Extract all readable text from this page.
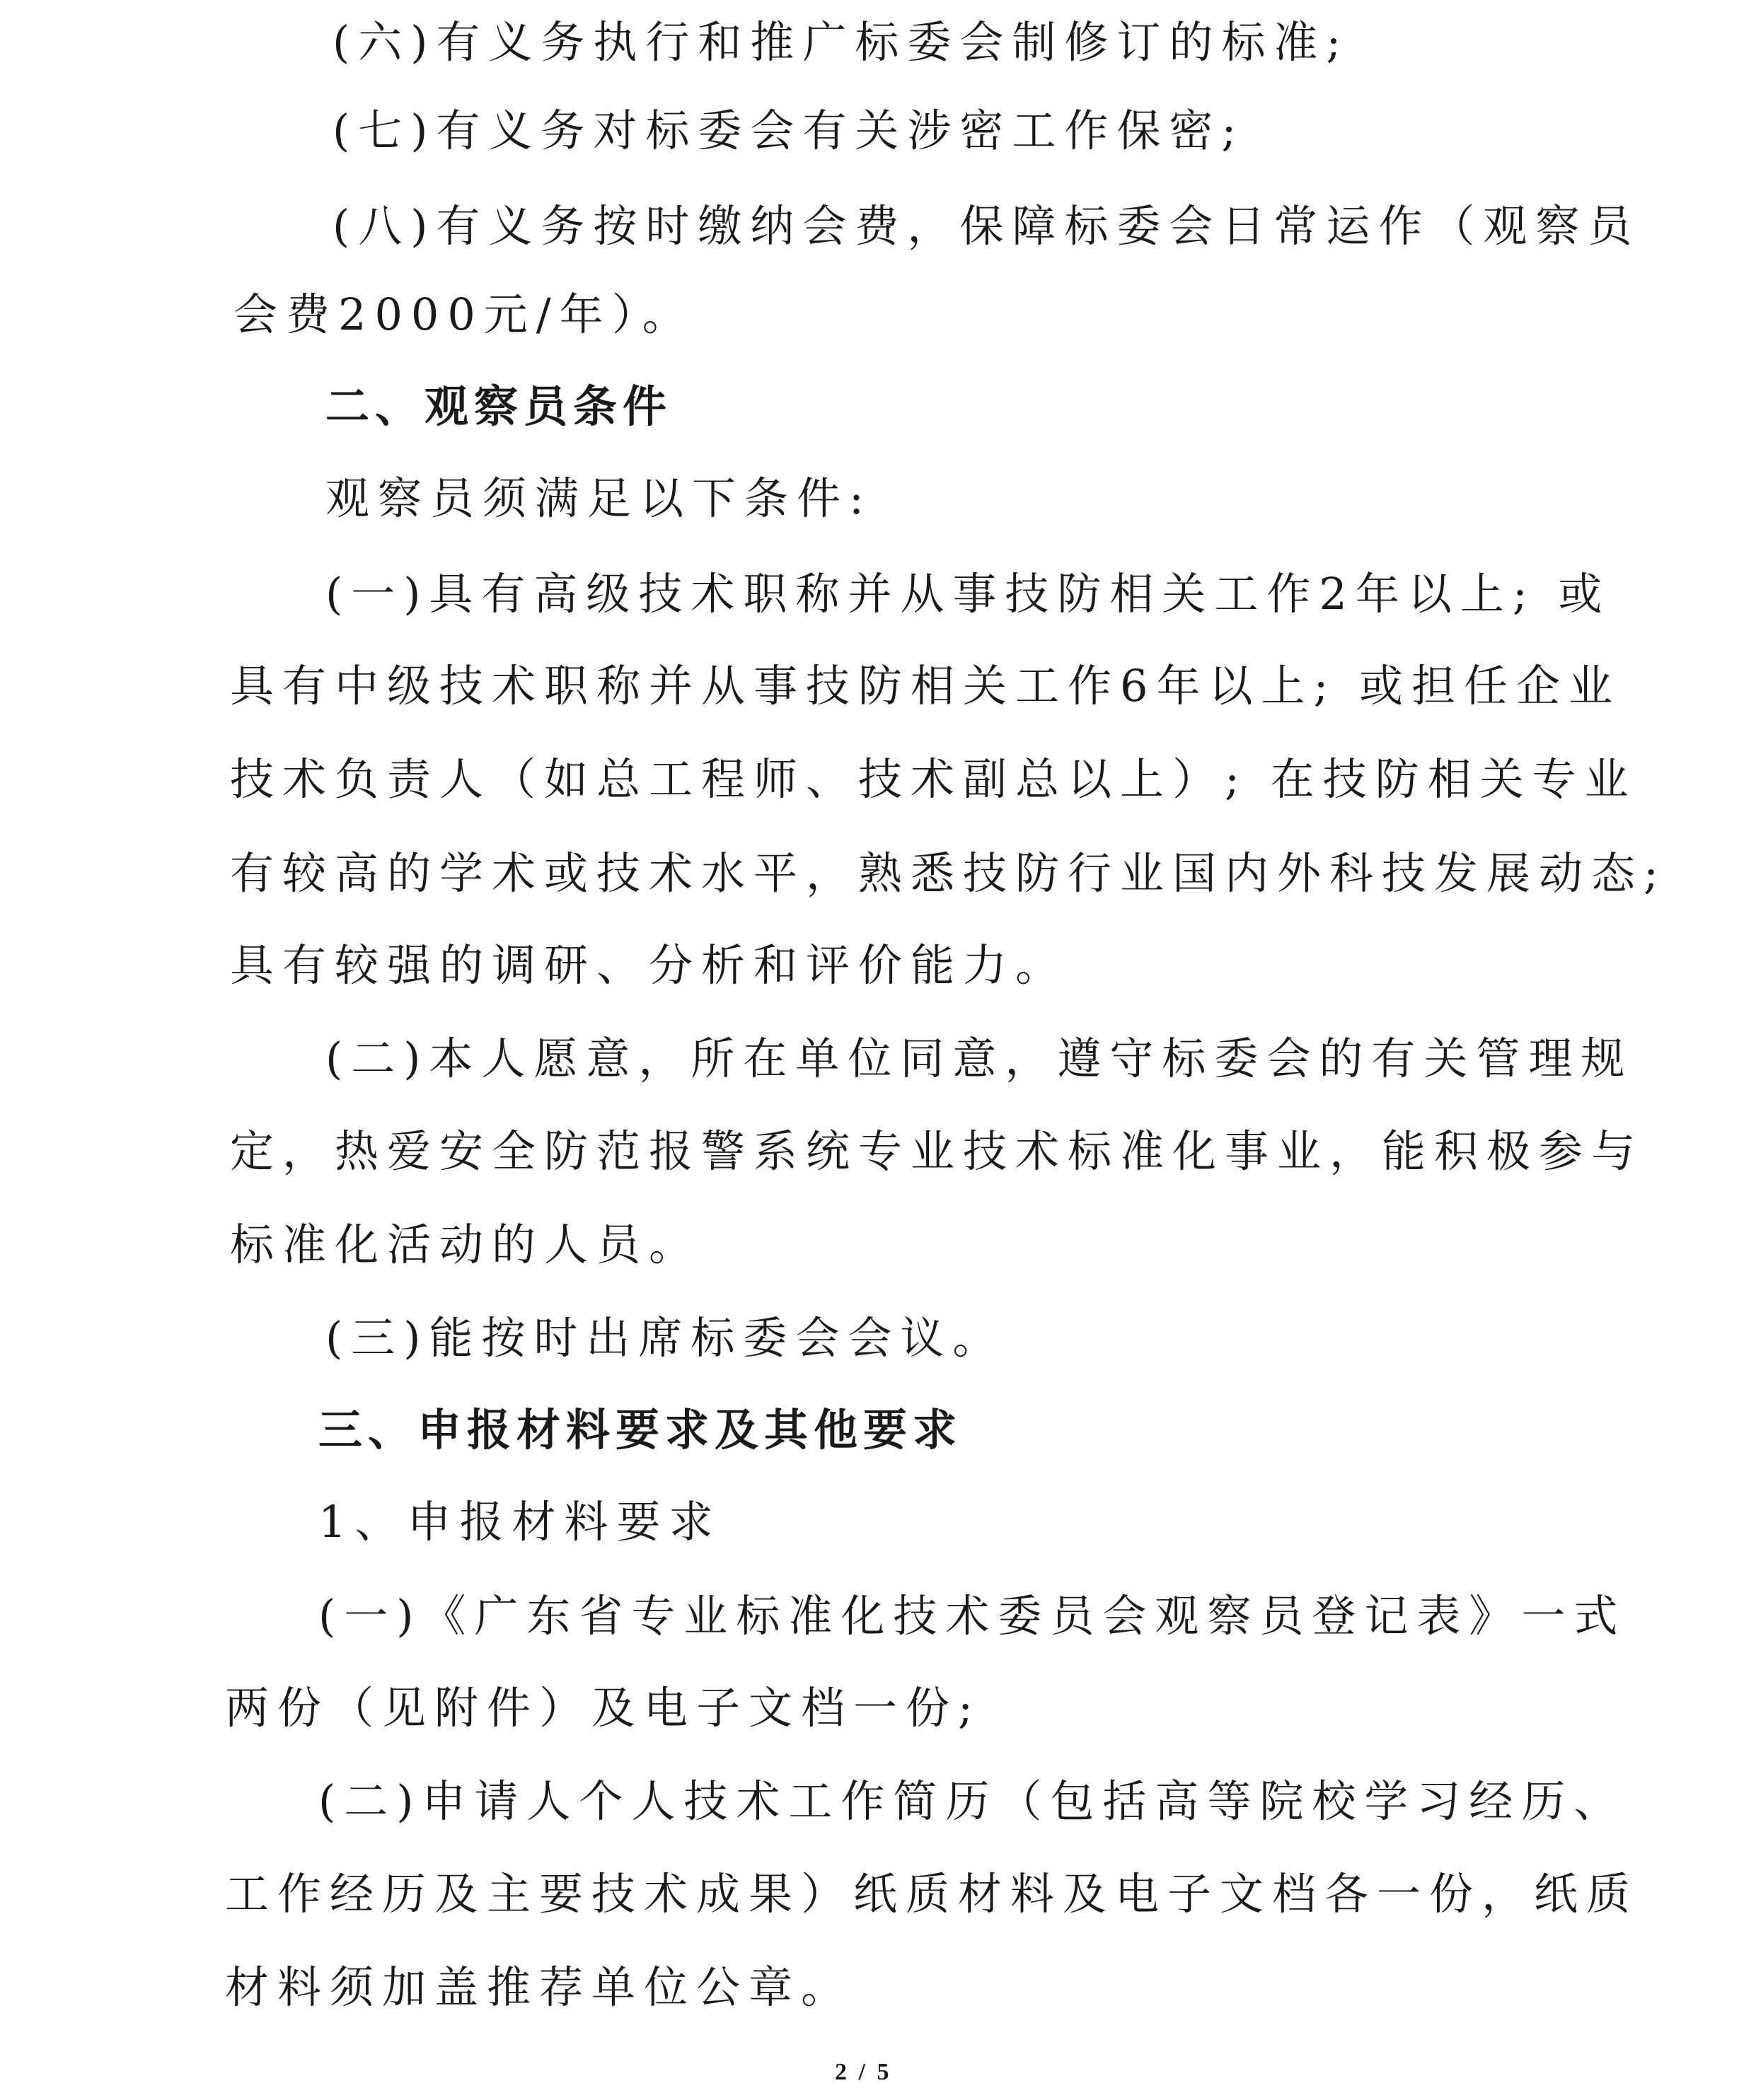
(六)有义务执行和推广标委会制修订的标准;
(七)有义务对标委会有关涉密工作保密;
(八)有义务按时缴纳会费，保障标委会日常运作（观察员
会费2000元/年）。
二、观察员条件
观察员须满足以下条件:
(一)具有高级技术职称并从事技防相关工作2年以上; 或
具有中级技术职称并从事技防相关工作6年以上; 或担任企业
技术负责人（如总工程师、技术副总以上）; 在技防相关专业
有较高的学术或技术水平，熟悉技防行业国内外科技发展动态;
具有较强的调研、分析和评价能力。
(二)本人愿意，所在单位同意，遵守标委会的有关管理规
定，热爱安全防范报警系统专业技术标准化事业，能积极参与
标准化活动的人员。
(三)能按时出席标委会会议。
三、申报材料要求及其他要求
1、申报材料要求
(一)《广东省专业标准化技术委员会观察员登记表》一式
两份（见附件）及电子文档一份;
(二)申请人个人技术工作简历（包括高等院校学习经历、
工作经历及主要技术成果）纸质材料及电子文档各一份，纸质
材料须加盖推荐单位公章。
2 / 5
